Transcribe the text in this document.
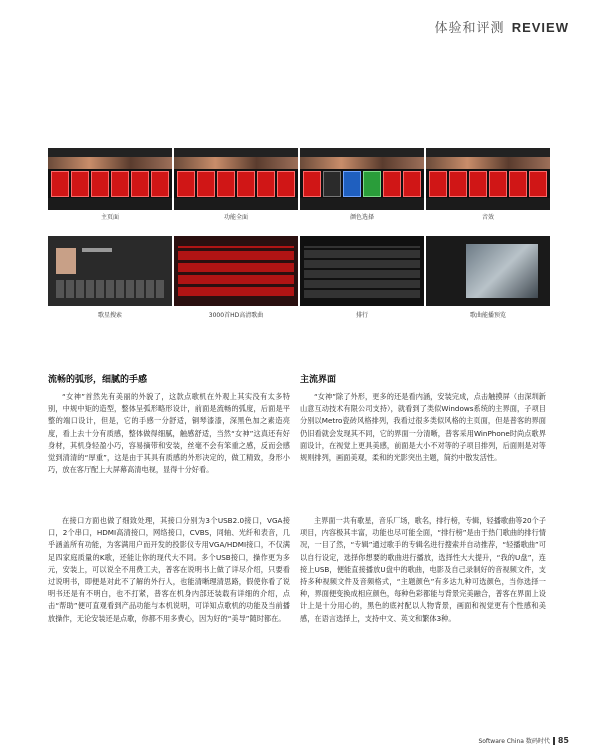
体验和评测 REVIEW
主页面	功能全面	颜色选择	音效
歌星搜索	3000首HD高清歌曲	排行	歌曲能播预览
流畅的弧形，细腻的手感

“女神”首然先有美丽的外貌了，这款点歌机在外观上其实没有太多特别，中规中矩的造型，整体呈弧形略形设计，前面是流畅的弧度，后面是平整的端口设计，但是，它的手感一分舒适，铜琴漆漆，深黑色加之素造亮度，看上去十分有质感，整体做得细腻，触感舒适，当然“女神”这真还有好身材，其机身轻盈小巧，容易摘带和安装，丝毫不会有笨重之感，反而会感觉到清清的“厚重”，这是由于其具有质感的外形决定的，做工精致，身形小巧，放在客厅配上大屏幕高清电视，显得十分好看。

在接口方面也做了细致处理，其接口分别为3个USB2.0接口，VGA接口，2个串口，HDMI高清接口，网络接口，CVBS，同轴、光纤和表音，几乎涵盖所有功能，为客满用户而开发的投影仪专用VGA/HDMI接口，不仅满足四家庭质量的K歌，还能让你的现代大不同。多个USB接口，操作更为多元，安装上，可以说全不用费工夫，普客在说明书上做了详尽介绍，只要看过说明书，即便是对此不了解的外行人，也能清晰理清思路，假使你看了说明书还是有不明白，也不打紧，普客在机身内部还装载有详细的介绍，点击“帮助”便可直观看到产品功能与本机说明，可详知点歌机的功能及当前播放操作，无论安装还是点歌，你都不用多费心，因为好的“美导”随时都在。

主流界面

“女神”除了外形，更多的还是看内涵，安装完成，点击触摸屏（由深圳新山意互动技术有限公司支持），就看到了类似Windows系统的主界面，子项目分别以Metro瓷砖风格排列，我看过很多类似风格的主页面，但是普客的界面仍旧看就会发现其不同，它的界面一分清晰，普客采用WinPhone时尚点歌界面设计，在视觉上更具美感，前面是大小不对等的子项目排列，后面则是对等规则排列，画面美观，柔和的光影突出主题，简约中散发活性。

主界面一共有歌星，音乐厂场，歌名，排行榜，专辑，轻播歌曲等20个子项目，内容极其丰富，功能也尽可能全面，“排行榜”是由于热门歌曲的排行情况，一目了然，“专辑”通过歌手的专辑名进行搜索并自动推荐，“轻播歌曲”可以自行设定，选择你想要的歌曲进行播放，选择性大大提升，“我的U盘”，连接上USB，便能直接播放U盘中的歌曲，电影及自己录制好的音视频文件，支持多种视频文件及音频格式，“主题颜色”有多达九种可选颜色，当你选择一种，界面便变换成相应颜色，每种色彩都能与背景完美融合，普客在界面上设计上是十分用心的，黑色的底衬配以人物背景，画面和视觉更有个性感和美感，在语言选择上，支持中文、英文和繁体3种。

Software China 数码时代 85
